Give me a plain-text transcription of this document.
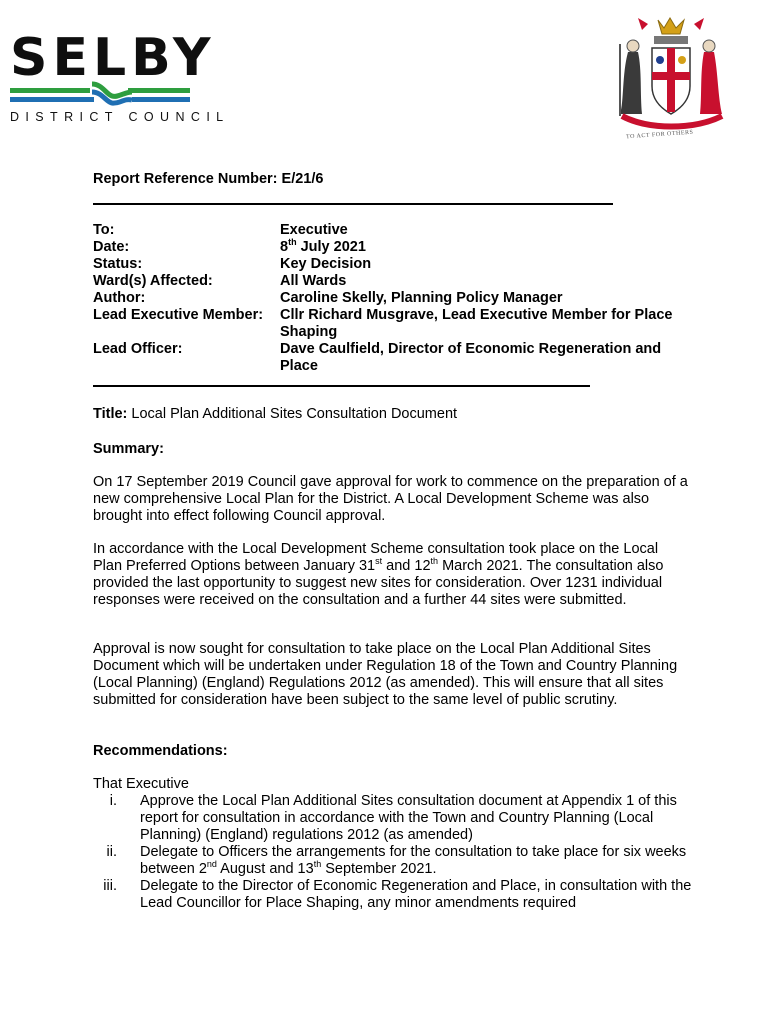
SELBY
DISTRICT COUNCIL
TO ACT FOR OTHERS
Report Reference Number: E/21/6
To:	Executive
Date:	8th July 2021
Status:	Key Decision
Ward(s) Affected:	All Wards
Author:	Caroline Skelly, Planning Policy Manager
Lead Executive Member:	Cllr Richard Musgrave, Lead Executive Member for Place Shaping
Lead Officer:	Dave Caulfield, Director of Economic Regeneration and Place
Title: Local Plan Additional Sites Consultation Document
Summary:
On 17 September 2019 Council gave approval for work to commence on the preparation of a new comprehensive Local Plan for the District. A Local Development Scheme was also brought into effect following Council approval.
In accordance with the Local Development Scheme consultation took place on the Local Plan Preferred Options between January 31st and 12th March 2021. The consultation also provided the last opportunity to suggest new sites for consideration. Over 1231 individual responses were received on the consultation and a further 44 sites were submitted.
Approval is now sought for consultation to take place on the Local Plan Additional Sites Document which will be undertaken under Regulation 18 of the Town and Country Planning (Local Planning) (England) Regulations 2012 (as amended). This will ensure that all sites submitted for consideration have been subject to the same level of public scrutiny.
Recommendations:
That Executive
i.	Approve the Local Plan Additional Sites consultation document at Appendix 1 of this report for consultation in accordance with the Town and Country Planning (Local Planning) (England) regulations 2012 (as amended)
ii.	Delegate to Officers the arrangements for the consultation to take place for six weeks between 2nd August and 13th September 2021.
iii.	Delegate to the Director of Economic Regeneration and Place, in consultation with the Lead Councillor for Place Shaping, any minor amendments required
